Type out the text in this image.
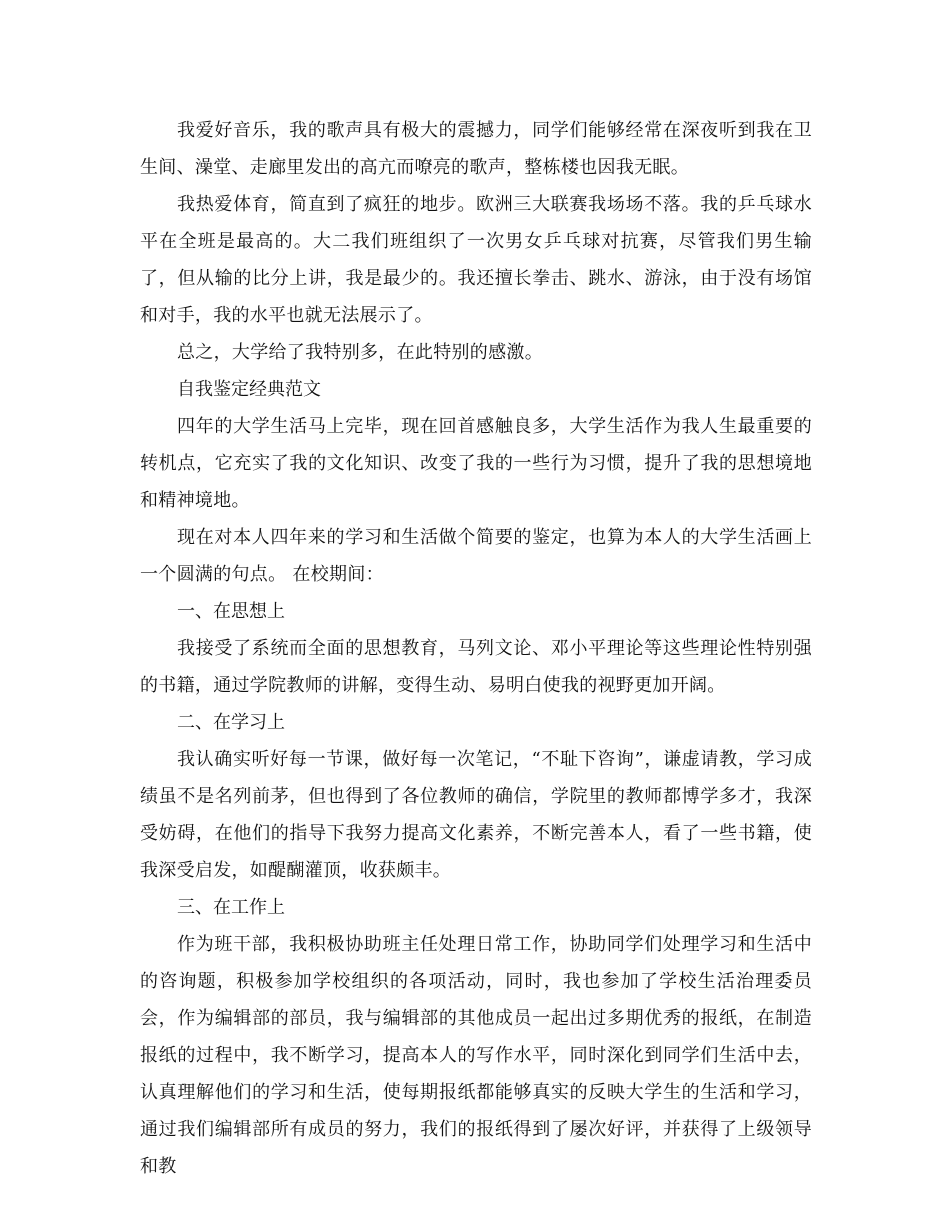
我爱好音乐，我的歌声具有极大的震撼力，同学们能够经常在深夜听到我在卫生间、澡堂、走廊里发出的高亢而嘹亮的歌声，整栋楼也因我无眠。

我热爱体育，简直到了疯狂的地步。欧洲三大联赛我场场不落。我的乒乓球水平在全班是最高的。大二我们班组织了一次男女乒乓球对抗赛，尽管我们男生输了，但从输的比分上讲，我是最少的。我还擅长拳击、跳水、游泳，由于没有场馆和对手，我的水平也就无法展示了。

总之，大学给了我特别多，在此特别的感激。

自我鉴定经典范文

四年的大学生活马上完毕，现在回首感触良多，大学生活作为我人生最重要的转机点，它充实了我的文化知识、改变了我的一些行为习惯，提升了我的思想境地和精神境地。

现在对本人四年来的学习和生活做个简要的鉴定，也算为本人的大学生活画上一个圆满的句点。 在校期间：

一、在思想上

我接受了系统而全面的思想教育，马列文论、邓小平理论等这些理论性特别强的书籍，通过学院教师的讲解，变得生动、易明白使我的视野更加开阔。

二、在学习上

我认确实听好每一节课，做好每一次笔记，“不耻下咨询”，谦虚请教，学习成绩虽不是名列前茅，但也得到了各位教师的确信，学院里的教师都博学多才，我深受妨碍，在他们的指导下我努力提高文化素养，不断完善本人，看了一些书籍，使我深受启发，如醍醐灌顶，收获颇丰。

三、在工作上

作为班干部，我积极协助班主任处理日常工作，协助同学们处理学习和生活中的咨询题，积极参加学校组织的各项活动，同时，我也参加了学校生活治理委员会，作为编辑部的部员，我与编辑部的其他成员一起出过多期优秀的报纸，在制造报纸的过程中，我不断学习，提高本人的写作水平，同时深化到同学们生活中去，认真理解他们的学习和生活，使每期报纸都能够真实的反映大学生的生活和学习，通过我们编辑部所有成员的努力，我们的报纸得到了屡次好评，并获得了上级领导和教
